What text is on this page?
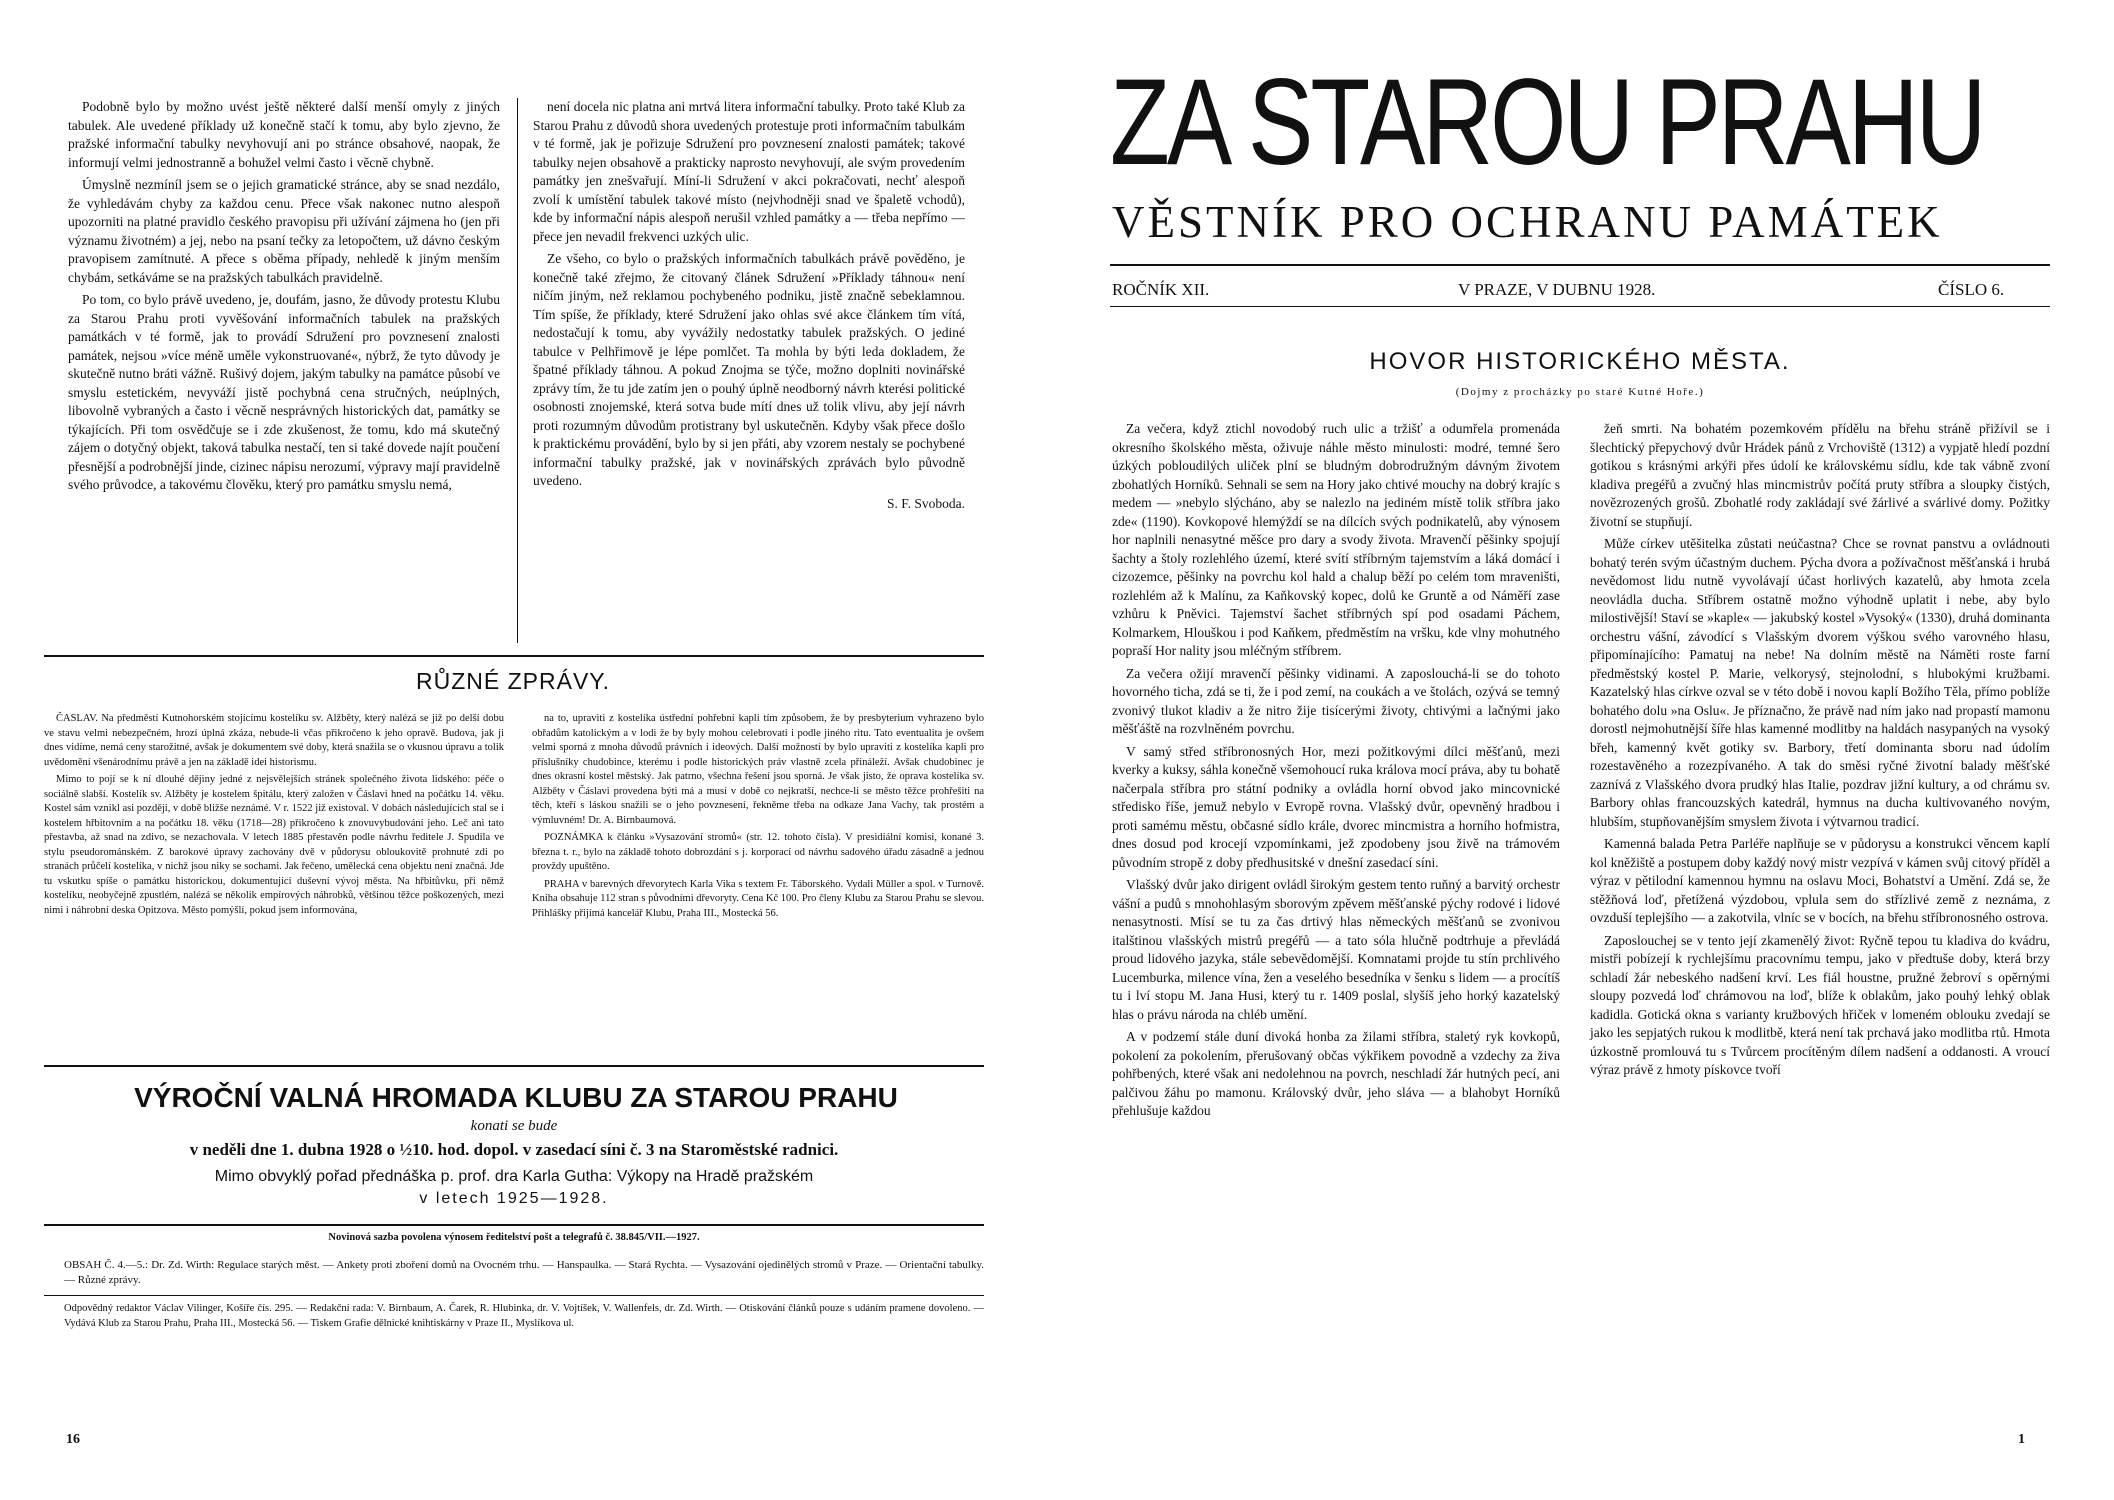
Podobně bylo by možno uvést ještě některé další menší omyly z jiných tabulek. Ale uvedené příklady už konečně stačí k tomu, aby bylo zjevno, že pražské informační tabulky nevyhovují ani po stránce obsahové, naopak, že informují velmi jednostranně a bohužel velmi často i věcně chybně.

Úmyslně nezmíníl jsem se o jejich gramatické stránce, aby se snad nezdálo, že vyhledávám chyby za každou cenu. Přece však nakonec nutno alespoň upozorniti na platné pravidlo českého pravopisu při užívání zájmena ho (jen při významu životném) a jej, nebo na psaní tečky za letopočtem, už dávno českým pravopisem zamítnuté. A přece s oběma případy, nehledě k jiným menším chybám, setkáváme se na pražských tabulkách pravidelně.

Po tom, co bylo právě uvedeno, je, doufám, jasno, že důvody protestu Klubu za Starou Prahu proti vyvěšování informačních tabulek na pražských památkách v té formě, jak to provádí Sdružení pro povznesení znalosti památek, nejsou »více méně uměle vykonstruované«, nýbrž, že tyto důvody je skutečně nutno bráti vážně. Rušivý dojem, jakým tabulky na památce působí ve smyslu estetickém, nevyváží jistě pochybná cena stručných, neúplných, libovolně vybraných a často i věcně nesprávných historických dat, památky se týkajících. Při tom osvědčuje se i zde zkušenost, že tomu, kdo má skutečný zájem o dotyčný objekt, taková tabulka nestačí, ten si také dovede najít poučení přesnější a podrobnější jinde, cizinec nápisu nerozumí, výpravy mají pravidelně svého průvodce, a takovému člověku, který pro památku smyslu nemá,

není docela nic platna ani mrtvá litera informační tabulky. Proto také Klub za Starou Prahu z důvodů shora uvedených protestuje proti informačním tabulkám v té formě, jak je pořizuje Sdružení pro povznesení znalosti památek; takové tabulky nejen obsahově a prakticky naprosto nevyhovují, ale svým provedením památky jen znešvařují. Míní-li Sdružení v akci pokračovati, nechť alespoň zvolí k umístění tabulek takové místo (nejvhodněji snad ve špaletě vchodů), kde by informační nápis alespoň nerušil vzhled památky a — třeba nepřímo — přece jen nevadil frekvenci uzkých ulic.

Ze všeho, co bylo o pražských informačních tabulkách právě pověděno, je konečně také zřejmo, že citovaný článek Sdružení »Příklady táhnou« není ničím jiným, než reklamou pochybeného podniku, jistě značně sebeklamnou. Tím spíše, že příklady, které Sdružení jako ohlas své akce článkem tím vítá, nedostačují k tomu, aby vyvážily nedostatky tabulek pražských. O jediné tabulce v Pelhřimově je lépe pomlčet. Ta mohla by býti leda dokladem, že špatné příklady táhnou. A pokud Znojma se týče, možno doplniti novinářské zprávy tím, že tu jde zatím jen o pouhý úplně neodborný návrh kterési politické osobnosti znojemské, která sotva bude mítí dnes už tolik vlivu, aby její návrh proti rozumným důvodům protistrany byl uskutečněn. Kdyby však přece došlo k praktickému provádění, bylo by si jen přáti, aby vzorem nestaly se pochybené informační tabulky pražské, jak v novinářských zprávách bylo původně uvedeno.

S. F. Svoboda.

RŮZNÉ ZPRÁVY.

ČASLAV. Na předměstí Kutnohorském stojícímu kostelíku sv. Alžběty, který nalézá se již po delší dobu ve stavu velmi nebezpečném, hrozí úplná zkáza, nebude-li včas přikročeno k jeho opravě. Budova, jak ji dnes vidíme, nemá ceny starožitné, avšak je dokumentem své doby, která snažila se o vkusnou úpravu a tolik uvědomění všenárodnímu právě a jen na základě idei historismu.

Mimo to pojí se k ní dlouhé dějiny jedné z nejsvělejších stránek společného života lidského: péče o sociálně slabší. Kostelík sv. Alžběty je kostelem špitálu, který založen v Čáslavi hned na počátku 14. věku. Kostel sám vznikl asi později, v době bližše neznámé. V r. 1522 již existoval. V dobách následujících stal se i kostelem hřbitovním a na počátku 18. věku (1718—28) přikročeno k znovuvybudování jeho. Leč ani tato přestavba, až snad na zdivo, se nezachovala. V letech 1885 přestavěn podle návrhu ředitele J. Spudila ve stylu pseudorománském. Z barokové úpravy zachovány dvě v půdorysu obloukovitě prohnuté zdi po stranách průčelí kostelíka, v nichž jsou niky se sochami. Jak řečeno, umělecká cena objektu není značná. Jde tu vskutku spíše o památku historickou, dokumentující duševní vývoj města. Na hřbitůvku, při němž kostelíku, neobyčejně zpustlém, nalézá se několik empírových náhrobků, většinou těžce poškozených, mezi nimi i náhrobní deska Opitzova. Město pomýšlí, pokud jsem informována,

na to, upraviti z kostelíka ústřední pohřební kapli tím způsobem, že by presbyterium vyhrazeno bylo obřadům katolickým a v lodi že by byly mohou celebrovati i podle jiného ritu. Tato eventualita je ovšem velmi sporná z mnoha důvodů právních i ideových. Další možností by bylo upraviti z kostelíka kapli pro příslušníky chudobince, kterému i podle historických práv vlastně zcela přináleží. Avšak chudobinec je dnes okrasní kostel městský. Jak patrno, všechna řešení jsou sporná. Je však jisto, že oprava kostelíka sv. Alžběty v Čáslavi provedena býti má a musí v době co nejkratší, nechce-li se město těžce prohřešiti na těch, kteří s láskou snažili se o jeho povznesení, řekněme třeba na odkaze Jana Vachy, tak prostém a výmluvném! Dr. A. Birnbaumová.

POZNÁMKA k článku »Vysazování stromů« (str. 12. tohoto čísla). V presidiální komisi, konané 3. března t. r., bylo na základě tohoto dobrozdání s j. korporací od návrhu sadového úřadu zásadně a jednou provždy upuštěno.

PRAHA v barevných dřevorytech Karla Vika s textem Fr. Táborského. Vydali Müller a spol. v Turnově. Kniha obsahuje 112 stran s původními dřevoryty. Cena Kč 100. Pro členy Klubu za Starou Prahu se slevou. Přihlášky přijímá kancelář Klubu, Praha III., Mostecká 56.

VÝROČNÍ VALNÁ HROMADA KLUBU ZA STAROU PRAHU
konati se bude
v neděli dne 1. dubna 1928 o ½10. hod. dopol. v zasedací síni č. 3 na Staroměstské radnici.
Mimo obvyklý pořad přednáška p. prof. dra Karla Gutha: Výkopy na Hradě pražském
v letech 1925—1928.
Novinová sazba povolena výnosem ředitelství pošt a telegrafů č. 38.845/VII.—1927.
OBSAH Č. 4.—5.: Dr. Zd. Wirth: Regulace starých měst. — Ankety proti zboření domů na Ovocném trhu. — Hanspaulka. — Stará Rychta. — Vysazování ojedinělých stromů v Praze. — Orientační tabulky. — Různé zprávy.
Odpovědný redaktor Václav Vilinger, Košíře čís. 295. — Redakční rada: V. Birnbaum, A. Čarek, R. Hlubinka, dr. V. Vojtíšek, V. Wallenfels, dr. Zd. Wirth. — Otiskování článků pouze s udáním pramene dovoleno. — Vydává Klub za Starou Prahu, Praha III., Mostecká 56. — Tiskem Grafie dělnické knihtiskárny v Praze II., Myslíkova ul.
16
ZA STAROU PRAHU
VĚSTNÍK PRO OCHRANU PAMÁTEK
ROČNÍK XII.	V PRAZE, V DUBNU 1928.	ČÍSLO 6.
HOVOR HISTORICKÉHO MĚSTA.
(Dojmy z procházky po staré Kutné Hoře.)

Za večera, když ztichl novodobý ruch ulic a tržišť a odumřela promenáda okresního školského města, oživuje náhle město minulosti: modré, temné šero úzkých pobloudilých uliček plní se bludným dobrodružným dávným životem zbohatlých Horníků. Sehnali se sem na Hory jako chtivé mouchy na dobrý krajíc s medem — »nebylo slýcháno, aby se nalezlo na jediném místě tolik stříbra jako zde« (1190). Kovkopové hlemýždí se na dílcích svých podnikatelů, aby výnosem hor naplnili nenasytné měšce pro dary a svody života. Mravenčí pěšinky spojují šachty a štoly rozlehlého území, které svítí stříbrným tajemstvím a láká domácí i cizozemce, pěšinky na povrchu kol hald a chalup běží po celém tom mraveništi, rozlehlém až k Malínu, za Kaňkovský kopec, dolů ke Gruntě a od Náměří zase vzhůru k Pněvici. Tajemství šachet stříbrných spí pod osadami Páchem, Kolmarkem, Hlouškou i pod Kaňkem, předměstím na vršku, kde vlny mohutného popraší Hor nality jsou mléčným stříbrem.

Za večera ožijí mravenčí pěšinky vidinami. A zaposlouchá-li se do tohoto hovorného ticha, zdá se ti, že i pod zemí, na coukách a ve štolách, ozývá se temný zvonivý tlukot kladiv a že nitro žije tisícerými životy, chtivými a lačnými jako měšťáště na rozvlněném povrchu.

V samý střed stříbronosných Hor, mezi požitkovými dílci měšťanů, mezi kverky a kuksy, sáhla konečně všemohoucí ruka králova mocí práva, aby tu bohatě načerpala stříbra pro státní podniky a ovládla horní obvod jako mincovnické středisko říše, jemuž nebylo v Evropě rovna. Vlašský dvůr, opevněný hradbou i proti samému městu, občasné sídlo krále, dvorec mincmistra a horního hofmistra, dnes dosud pod krocejí vzpomínkami, jež zpodobeny jsou živě na trámovém původním stropě z doby předhusitské v dnešní zasedací síni.

Vlašský dvůr jako dirigent ovládl širokým gestem tento ruňný a barvitý orchestr vášní a pudů s mnohohlasým sborovým zpěvem měšťanské pýchy rodové i lidové nenasytnosti. Mísí se tu za čas drtivý hlas německých měšťanů se zvonivou italštinou vlašských mistrů pregéřů — a tato sóla hlučně podtrhuje a převládá proud lidového jazyka, stále sebevědomější. Komnatami projde tu stín prchlivého Lucemburka, milence vína, žen a veselého besedníka v šenku s lidem — a procítíš tu i lví stopu M. Jana Husi, který tu r. 1409 poslal, slyšíš jeho horký kazatelský hlas o právu národa na chléb umění.

A v podzemí stále duní divoká honba za žilami stříbra, staletý ryk kovkopů, pokolení za pokolením, přerušovaný občas výkřikem povodně a vzdechy za živa pohřbených, které však ani nedolehnou na povrch, neschladí žár hutných pecí, ani palčivou žáhu po mamonu. Královský dvůr, jeho sláva — a blahobyt Horníků přehlušuje každou

žeň smrti. Na bohatém pozemkovém přídělu na břehu stráně přižívil se i šlechtický přepychový dvůr Hrádek pánů z Vrchoviště (1312) a vypjatě hledí pozdní gotikou s krásnými arkýři přes údolí ke královskému sídlu, kde tak vábně zvoní kladiva pregéřů a zvučný hlas mincmistrův počítá pruty stříbra a sloupky čistých, novězrozených grošů. Zbohatlé rody zakládají své žárlivé a svárlivé domy. Požitky životní se stupňují.

Může církev utěšitelka zůstati neúčastna? Chce se rovnat panstvu a ovládnouti bohatý terén svým účastným duchem. Pýcha dvora a požívačnost měšťanská i hrubá nevědomost lidu nutně vyvolávají účast horlivých kazatelů, aby hmota zcela neovládla ducha. Stříbrem ostatně možno výhodně uplatit i nebe, aby bylo milostivější! Staví se »kaple« — jakubský kostel »Vysoký« (1330), druhá dominanta orchestru vášní, závodící s Vlašským dvorem výškou svého varovného hlasu, připomínajícího: Pamatuj na nebe! Na dolním městě na Náměti roste farní předměstský kostel P. Marie, velkorysý, stejnolodní, s hlubokými kružbami. Kazatelský hlas církve ozval se v této době i novou kaplí Božího Těla, přímo poblíže bohatého dolu »na Oslu«. Je příznačno, že právě nad ním jako nad propastí mamonu dorostl nejmohutnější šíře hlas kamenné modlitby na haldách nasypaných na vysoký břeh, kamenný květ gotiky sv. Barbory, třetí dominanta sboru nad údolím rozestavěného a rozezpívaného. A tak do směsi ryčné životní balady měšťské zaznívá z Vlašského dvora prudký hlas Italie, pozdrav jižní kultury, a od chrámu sv. Barbory ohlas francouzských katedrál, hymnus na ducha kultivovaného novým, hlubším, stupňovanějším smyslem života i výtvarnou tradicí.

Kamenná balada Petra Parléře naplňuje se v půdorysu a konstrukci věncem kaplí kol kněžiště a postupem doby každý nový mistr vezpívá v kámen svůj citový příděl a výraz v pětilodní kamennou hymnu na oslavu Moci, Bohatství a Umění. Zdá se, že stěžňová loď, přetížená výzdobou, vplula sem do střízlivé země z neznáma, z ovzduší teplejšího — a zakotvila, vlníc se v bocích, na břehu stříbronosného ostrova.

Zaposlouchej se v tento její zkamenělý život: Ryčně tepou tu kladiva do kvádru, mistři pobízejí k rychlejšímu pracovnímu tempu, jako v předtuše doby, která brzy schladí žár nebeského nadšení krví. Les fiál houstne, pružné žebroví s opěrnými sloupy pozvedá loď chrámovou na loď, blíže k oblakům, jako pouhý lehký oblak kadidla. Gotická okna s varianty kružbových hřiček v lomeném oblouku zvedají se jako les sepjatých rukou k modlitbě, která není tak prchavá jako modlitba rtů. Hmota úzkostně promlouvá tu s Tvůrcem procítěným dílem nadšení a oddanosti. A vroucí výraz právě z hmoty pískovce tvoří

1
